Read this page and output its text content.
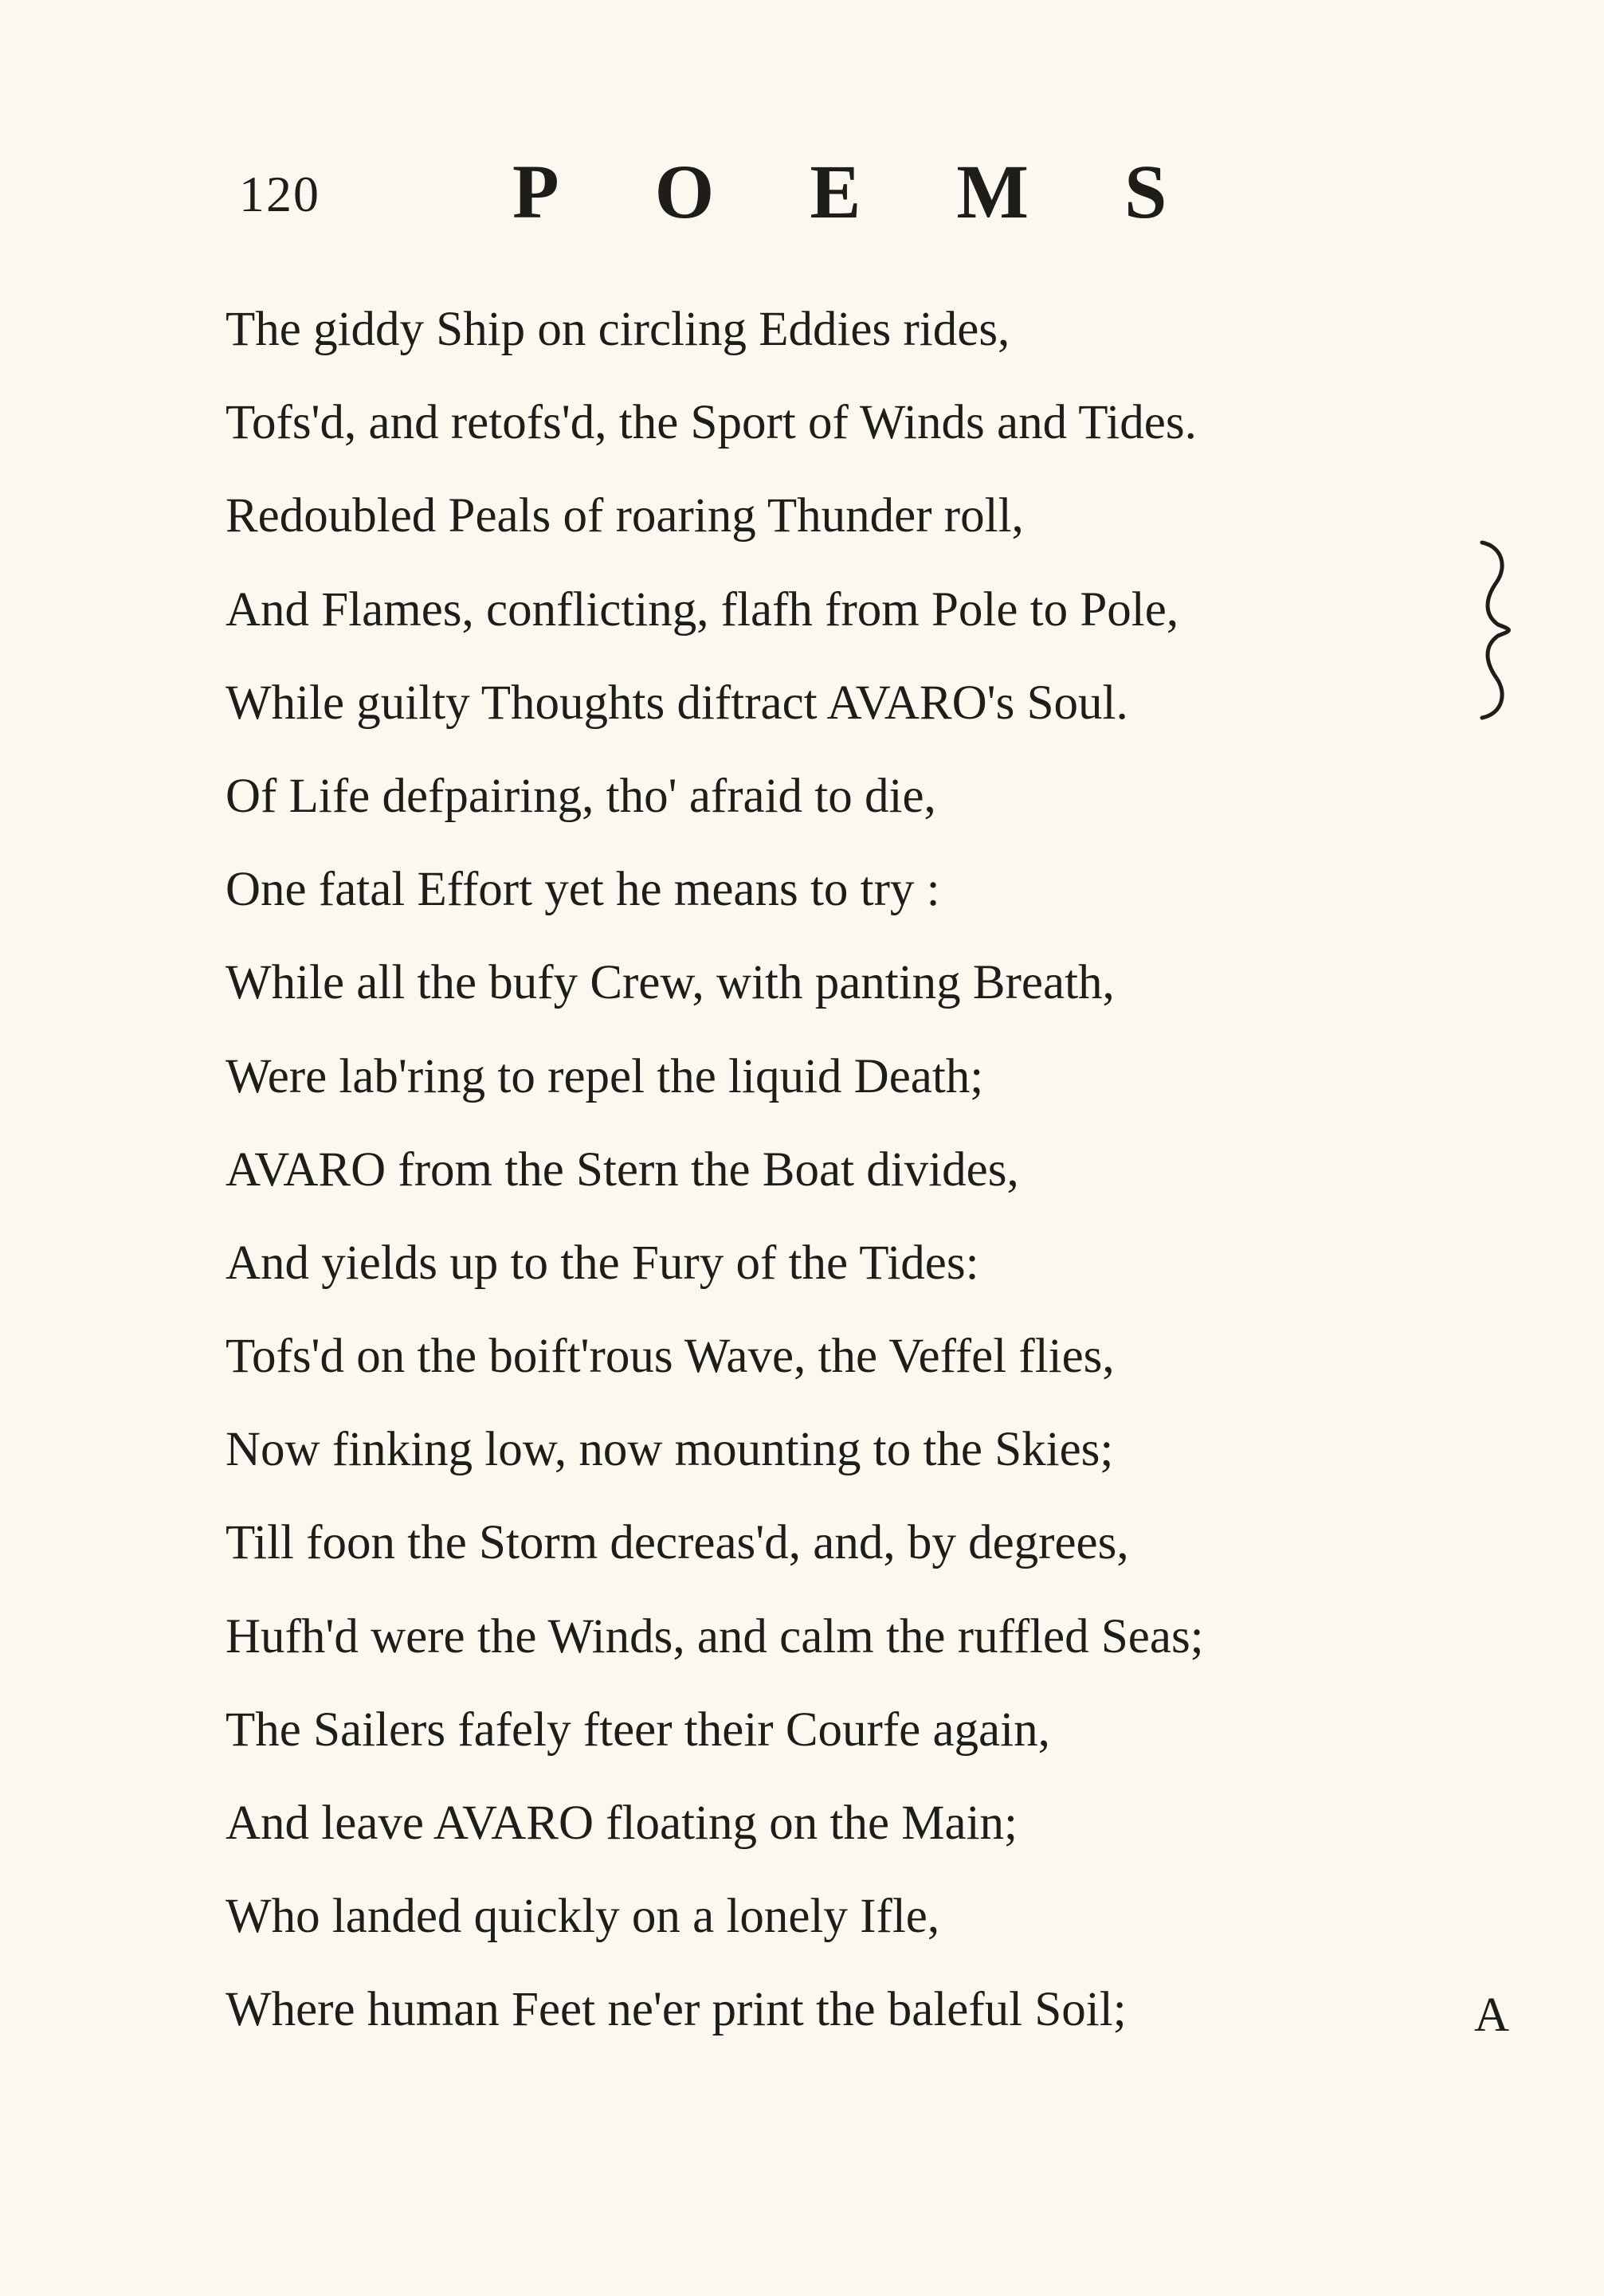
120	POEMS
The giddy Ship on circling Eddies rides,
Tofs'd, and retofs'd, the Sport of Winds and Tides.
Redoubled Peals of roaring Thunder roll,
And Flames, conflicting, flafh from Pole to Pole,
While guilty Thoughts diftract AVARO's Soul.
Of Life defpairing, tho' afraid to die,
One fatal Effort yet he means to try :
While all the bufy Crew, with panting Breath,
Were lab'ring to repel the liquid Death;
AVARO from the Stern the Boat divides,
And yields up to the Fury of the Tides:
Tofs'd on the boift'rous Wave, the Veffel flies,
Now finking low, now mounting to the Skies;
Till foon the Storm decreas'd, and, by degrees,
Hufh'd were the Winds, and calm the ruffled Seas;
The Sailers fafely fteer their Courfe again,
And leave AVARO floating on the Main;
Who landed quickly on a lonely Ifle,
Where human Feet ne'er print the baleful Soil;	A
